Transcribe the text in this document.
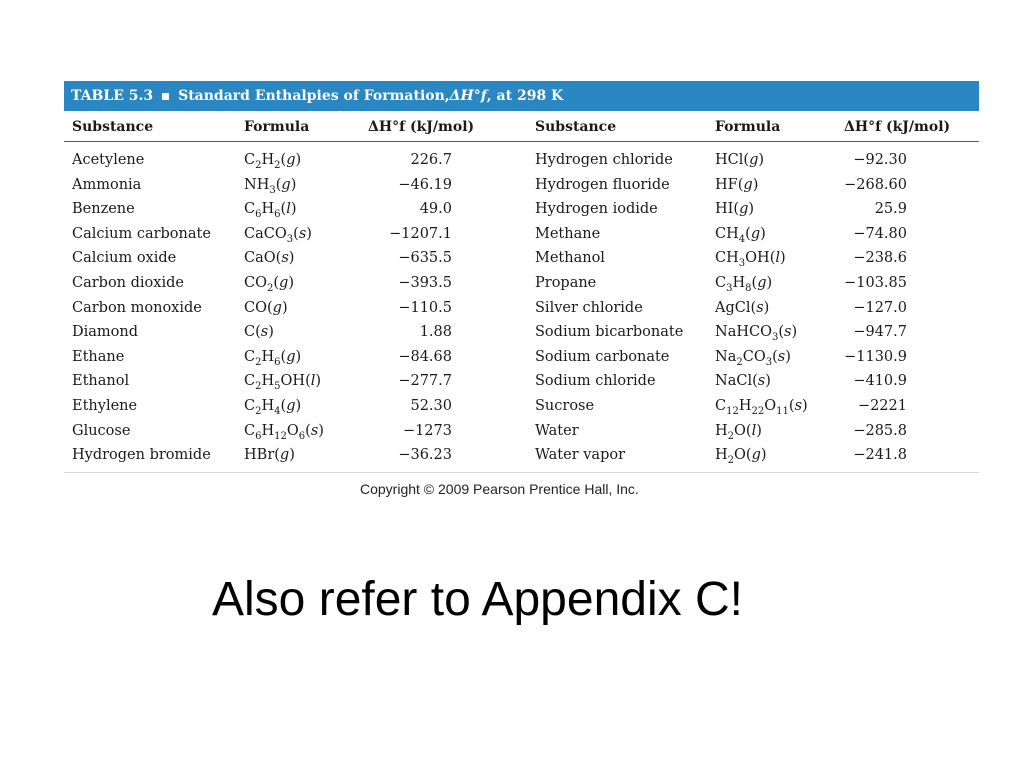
TABLE 5.3 Standard Enthalpies of Formation, ΔH°f , at 298 K
Substance	Formula	ΔH°f (kJ/mol)	Substance	Formula	ΔH°f (kJ/mol)
Acetylene	$C_2H_2(g)$	226.7	Hydrogen chloride	HCl(g)	−92.30
Ammonia	$NH_3(g)$	−46.19	Hydrogen fluoride	HF(g)	−268.60
Benzene	$C_6H_6(l)$	49.0	Hydrogen iodide	HI(g)	25.9
Calcium carbonate CaCO$_3$(s)	−1207.1	Methane	$CH_4(g)$	−74.80
Calcium oxide	CaO(s)	−635.5	Methanol	$CH_3OH(l)$	−238.6
Carbon dioxide	$CO_2(g)$	−393.5	Propane	$C_3H_8(g)$	−103.85
Carbon monoxide	CO(g)	−110.5	Silver chloride	AgCl(s)	−127.0
Diamond	C(s)	1.88	Sodium bicarbonate NaHCO$_3$(s)	−947.7
Ethane	$C_2H_6(g)$	−84.68	Sodium carbonate	$Na_2CO_3(s)$	−1130.9
Ethanol	$C_2H_5OH(l)$	−277.7	Sodium chloride	NaCl(s)	−410.9
Ethylene	$C_2H_4(g)$	52.30	Sucrose	$C_{12}H_{22}O_{11}(s)$	−2221
Glucose	$C_6H_{12}O_6(s)$	−1273	Water	$H_2O(l)$	−285.8
Hydrogen bromide HBr(g)	−36.23	Water vapor	$H_2O(g)$	−241.8
Copyright © 2009 Pearson Prentice Hall, Inc.
Also refer to Appendix C!
